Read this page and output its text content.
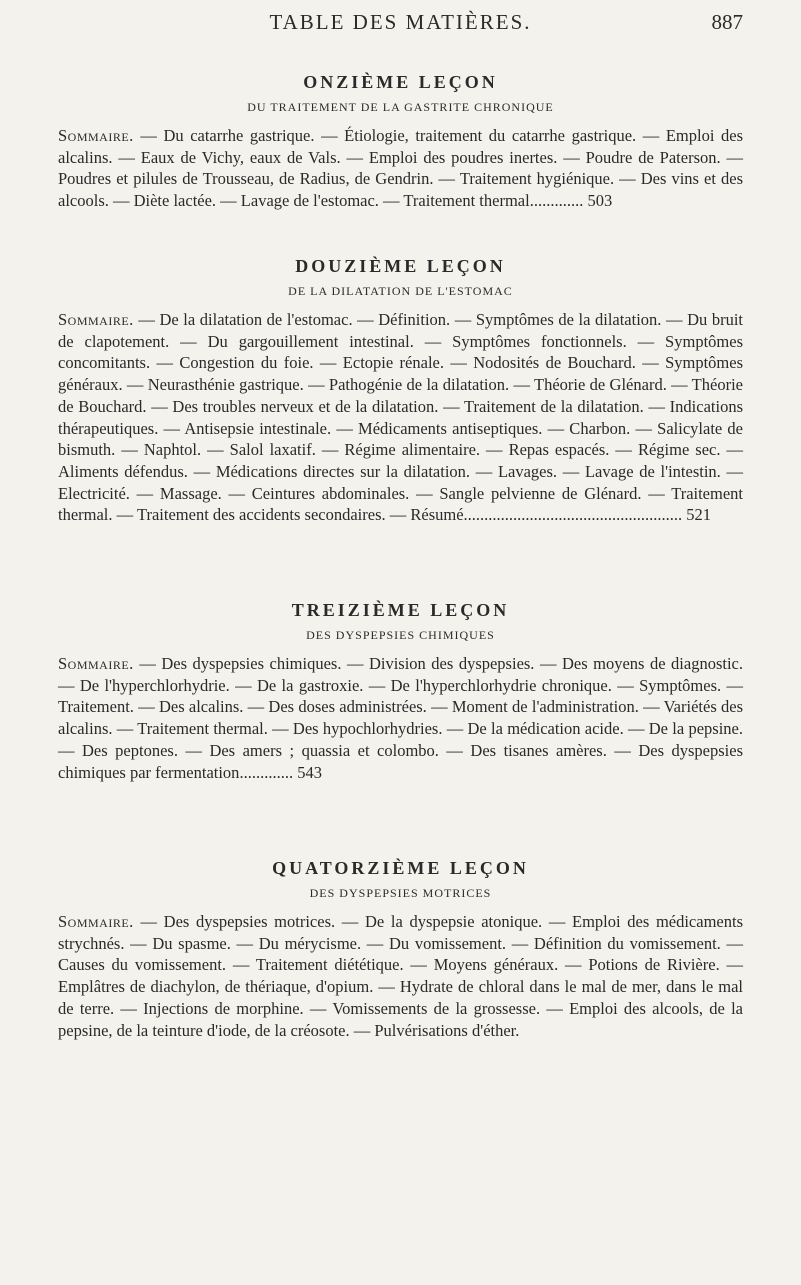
TABLE DES MATIÈRES.	887
ONZIÈME LEÇON
DU TRAITEMENT DE LA GASTRITE CHRONIQUE

Sommaire. — Du catarrhe gastrique. — Étiologie, traitement du catarrhe gastrique. — Emploi des alcalins. — Eaux de Vichy, eaux de Vals. — Emploi des poudres inertes. — Poudre de Paterson. — Poudres et pilules de Trousseau, de Radius, de Gendrin. — Traitement hygiénique. — Des vins et des alcools. — Diète lactée. — Lavage de l'estomac. — Traitement thermal............. 503

DOUZIÈME LEÇON
DE LA DILATATION DE L'ESTOMAC

Sommaire. — De la dilatation de l'estomac. — Définition. — Symptômes de la dilatation. — Du bruit de clapotement. — Du gargouillement intestinal. — Symptômes fonctionnels. — Symptômes concomitants. — Congestion du foie. — Ectopie rénale. — Nodosités de Bouchard. — Symptômes généraux. — Neurasthénie gastrique. — Pathogénie de la dilatation. — Théorie de Glénard. — Théorie de Bouchard. — Des troubles nerveux et de la dilatation. — Traitement de la dilatation. — Indications thérapeutiques. — Antisepsie intestinale. — Médicaments antiseptiques. — Charbon. — Salicylate de bismuth. — Naphtol. — Salol laxatif. — Régime alimentaire. — Repas espacés. — Régime sec. — Aliments défendus. — Médications directes sur la dilatation. — Lavages. — Lavage de l'intestin. — Electricité. — Massage. — Ceintures abdominales. — Sangle pelvienne de Glénard. — Traitement thermal. — Traitement des accidents secondaires. — Résumé..................................................... 521

TREIZIÈME LEÇON
DES DYSPEPSIES CHIMIQUES

Sommaire. — Des dyspepsies chimiques. — Division des dyspepsies. — Des moyens de diagnostic. — De l'hyperchlorhydrie. — De la gastroxie. — De l'hyperchlorhydrie chronique. — Symptômes. — Traitement. — Des alcalins. — Des doses administrées. — Moment de l'administration. — Variétés des alcalins. — Traitement thermal. — Des hypochlorhydries. — De la médication acide. — De la pepsine. — Des peptones. — Des amers ; quassia et colombo. — Des tisanes amères. — Des dyspepsies chimiques par fermentation............. 543

QUATORZIÈME LEÇON
DES DYSPEPSIES MOTRICES

Sommaire. — Des dyspepsies motrices. — De la dyspepsie atonique. — Emploi des médicaments strychnés. — Du spasme. — Du mérycisme. — Du vomissement. — Définition du vomissement. — Causes du vomissement. — Traitement diététique. — Moyens généraux. — Potions de Rivière. — Emplâtres de diachylon, de thériaque, d'opium. — Hydrate de chloral dans le mal de mer, dans le mal de terre. — Injections de morphine. — Vomissements de la grossesse. — Emploi des alcools, de la pepsine, de la teinture d'iode, de la créosote. — Pulvérisations d'éther.
